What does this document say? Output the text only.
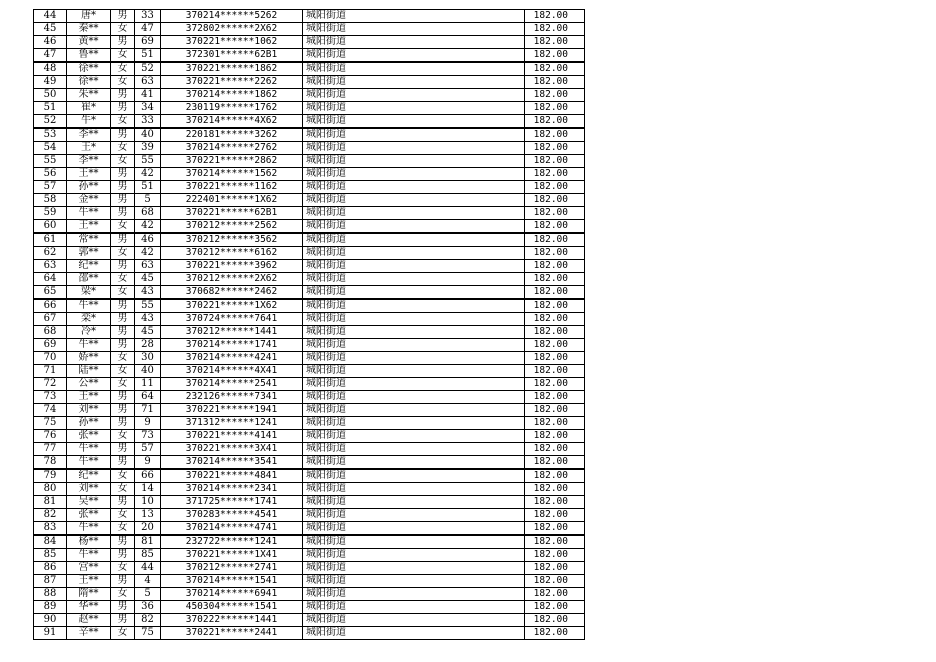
44	唐*	男	33	370214******5262	城阳街道	182.00
45	秦**	女	47	372802******2X62	城阳街道	182.00
46	黄**	男	69	370221******1062	城阳街道	182.00
47	鲁**	女	51	372301******62B1	城阳街道	182.00
48	徐**	女	52	370221******1862	城阳街道	182.00
49	徐**	女	63	370221******2262	城阳街道	182.00
50	朱**	男	41	370214******1862	城阳街道	182.00
51	崔*	男	34	230119******1762	城阳街道	182.00
52	牛*	女	33	370214******4X62	城阳街道	182.00
53	李**	男	40	220181******3262	城阳街道	182.00
54	王*	女	39	370214******2762	城阳街道	182.00
55	李**	女	55	370221******2862	城阳街道	182.00
56	王**	男	42	370214******1562	城阳街道	182.00
57	孙**	男	51	370221******1162	城阳街道	182.00
58	金**	男	5	222401******1X62	城阳街道	182.00
59	牛**	男	68	370221******62B1	城阳街道	182.00
60	王**	女	42	370212******2562	城阳街道	182.00
61	常**	男	46	370212******3562	城阳街道	182.00
62	郭**	女	42	370212******6162	城阳街道	182.00
63	纪**	男	63	370221******3962	城阳街道	182.00
64	邵**	女	45	370212******2X62	城阳街道	182.00
65	梁*	女	43	370682******2462	城阳街道	182.00
66	牛**	男	55	370221******1X62	城阳街道	182.00
67	栾*	男	43	370724******7641	城阳街道	182.00
68	冷*	男	45	370212******1441	城阳街道	182.00
69	牛**	男	28	370214******1741	城阳街道	182.00
70	娇**	女	30	370214******4241	城阳街道	182.00
71	陆**	女	40	370214******4X41	城阳街道	182.00
72	公**	女	11	370214******2541	城阳街道	182.00
73	王**	男	64	232126******7341	城阳街道	182.00
74	刘**	男	71	370221******1941	城阳街道	182.00
75	孙**	男	9	371312******1241	城阳街道	182.00
76	张**	女	73	370221******4141	城阳街道	182.00
77	牛**	男	57	370221******3X41	城阳街道	182.00
78	牛**	男	9	370214******3541	城阳街道	182.00
79	纪**	女	66	370221******4841	城阳街道	182.00
80	刘**	女	14	370214******2341	城阳街道	182.00
81	吴**	男	10	371725******1741	城阳街道	182.00
82	张**	女	13	370283******4541	城阳街道	182.00
83	牛**	女	20	370214******4741	城阳街道	182.00
84	杨**	男	81	232722******1241	城阳街道	182.00
85	牛**	男	85	370221******1X41	城阳街道	182.00
86	宫**	女	44	370212******2741	城阳街道	182.00
87	王**	男	4	370214******1541	城阳街道	182.00
88	隋**	女	5	370214******6941	城阳街道	182.00
89	华**	男	36	450304******1541	城阳街道	182.00
90	赵**	男	82	370222******1441	城阳街道	182.00
91	辛**	女	75	370221******2441	城阳街道	182.00
